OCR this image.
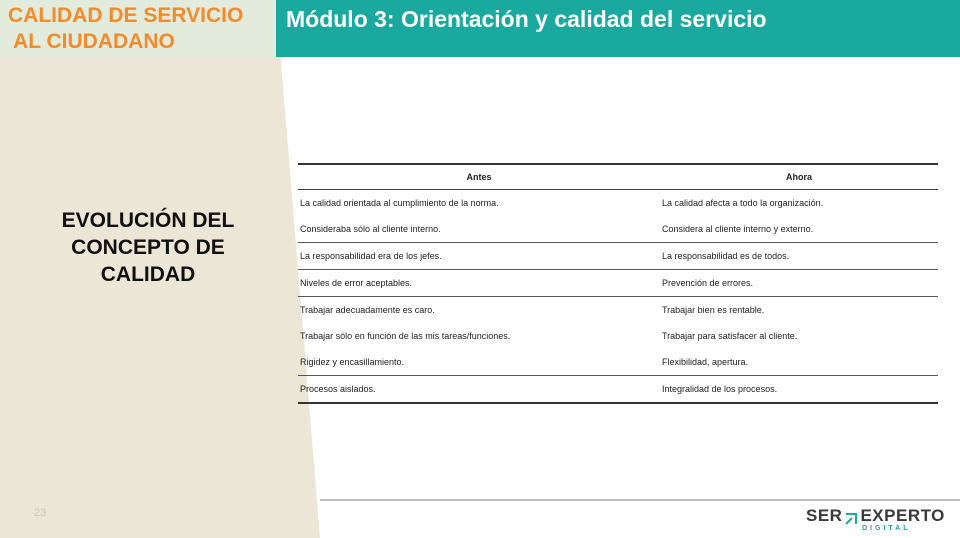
CALIDAD DE SERVICIO
AL CIUDADANO

Módulo 3: Orientación y calidad del servicio
EVOLUCIÓN DEL
CONCEPTO DE
CALIDAD
23
Antes	Ahora
La calidad orientada al cumplimiento de la norma.	La calidad afecta a todo la organización.
Consideraba sólo al cliente interno.	Considera al cliente interno y externo.
La responsabilidad era de los jefes.	La responsabilidad es de todos.
Niveles de error aceptables.	Prevención de errores.
Trabajar adecuadamente es caro.	Trabajar bien es rentable.
Trabajar sólo en función de las mis tareas/funciones.	Trabajar para satisfacer al cliente.
Rigidez y encasillamiento.	Flexibilidad, apertura.
Procesos aislados.	Integralidad de los procesos.
SER EXPERTO
DIGITAL
